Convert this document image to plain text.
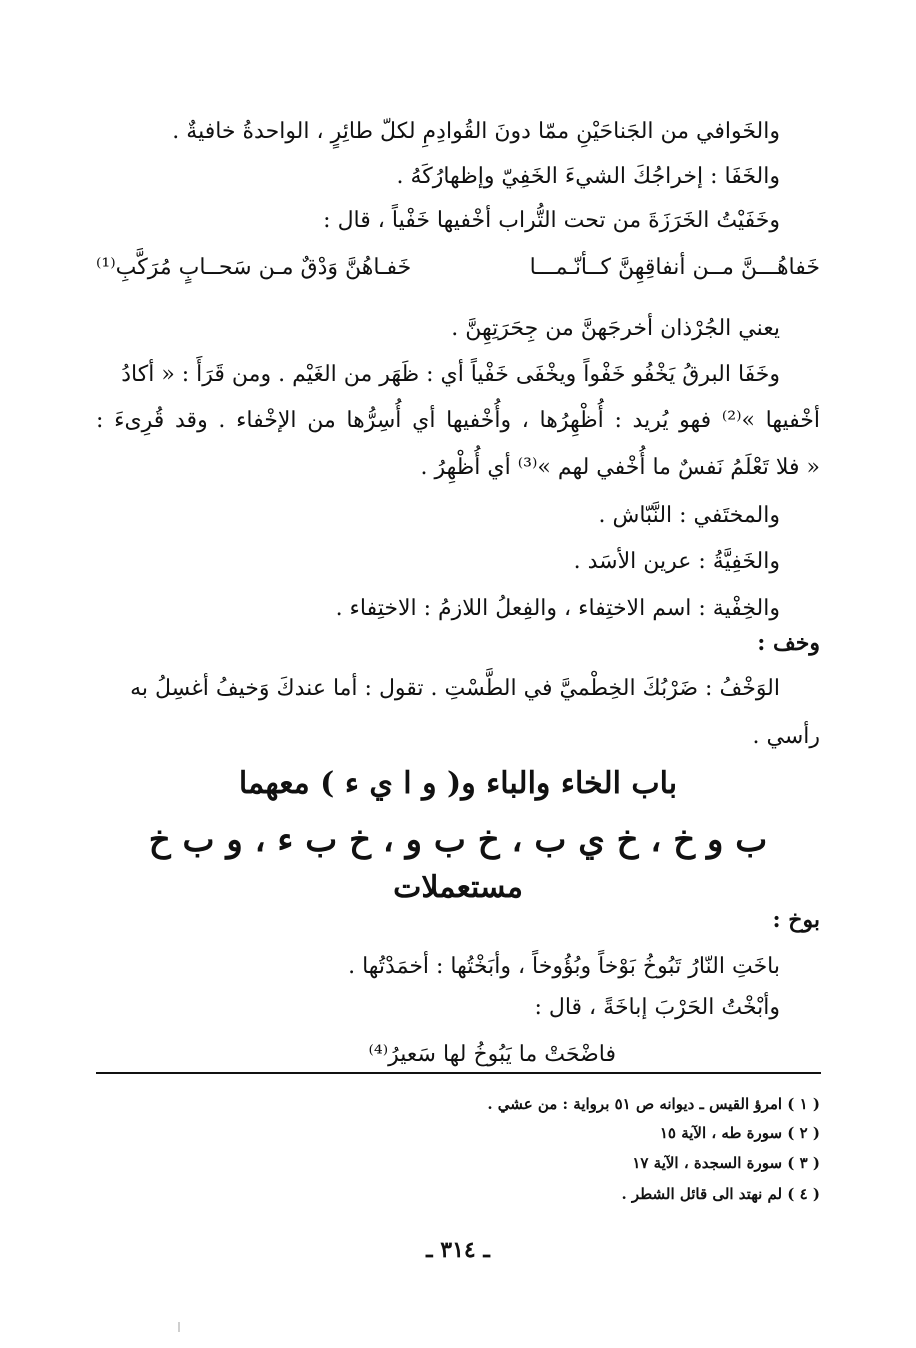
والخَوافي من الجَناحَيْنِ ممّا دونَ القُوادِمِ لكلّ طائِرٍ ، الواحدةُ خافيةٌ .
والخَفَا : إخراجُكَ الشيءَ الخَفِيّ وإظهارُكَهُ .
وخَفَيْتُ الخَرَزَةَ من تحت التُّراب أخْفيها خَفْياً ، قال :
خَفاهُـــنَّ مــن أنفاقِهِنَّ كــأنّـمـــا
خَفـاهُنَّ وَدْقٌ مـن سَحــابٍ مُرَكَّبِ⁽¹⁾
يعني الجُرْذان أخرجَهنَّ من جِحَرَتِهِنَّ .
وخَفَا البرقُ يَخْفُو خَفْواً ويخْفَى خَفْياً أي : ظَهَر من الغَيْم . ومن قَرَأَ : « أكادُ
أخْفيها »⁽²⁾ فهو يُريد : أُظْهِرُها ، وأُخْفيها أي أُسِرُّها من الإخْفاء . وقد قُرِىءَ :
« فلا تَعْلَمُ نَفسٌ ما أُخْفي لهم »⁽³⁾ أي أُظْهِرُ .
والمختَفي : النَّبّاش .
والخَفِيَّةُ : عرين الأسَد .
والخِفْية : اسم الاختِفاء ، والفِعلُ اللازمُ : الاختِفاء .
وخف :
الوَخْفُ : ضَرْبُكَ الخِطْميَّ في الطَّسْتِ . تقول : أما عندكَ وَخيفُ أغسِلُ به
رأسي .
باب الخاء والباء و( و ا ي ء ) معهما
ب و خ ، خ ي ب ، خ ب و ، خ ب ء ، و ب خ
مستعملات
بوخ :
باخَتِ النّارُ تَبُوخُ بَوْخاً وبُؤُوخاً ، وأبَخْتُها : أخمَدْتُها .
وأبْخْتُ الحَرْبَ إباخَةً ، قال :
فاضْحَتْ ما يَبُوخُ لها سَعيرُ⁽⁴⁾
( ١ ) امرؤ القيس ـ ديوانه ص ٥١ برواية : من عشي .
( ٢ ) سورة طه ، الآية ١٥
( ٣ ) سورة السجدة ، الآية ١٧
( ٤ ) لم نهتد الى قائل الشطر .
ـ ٣١٤ ـ
